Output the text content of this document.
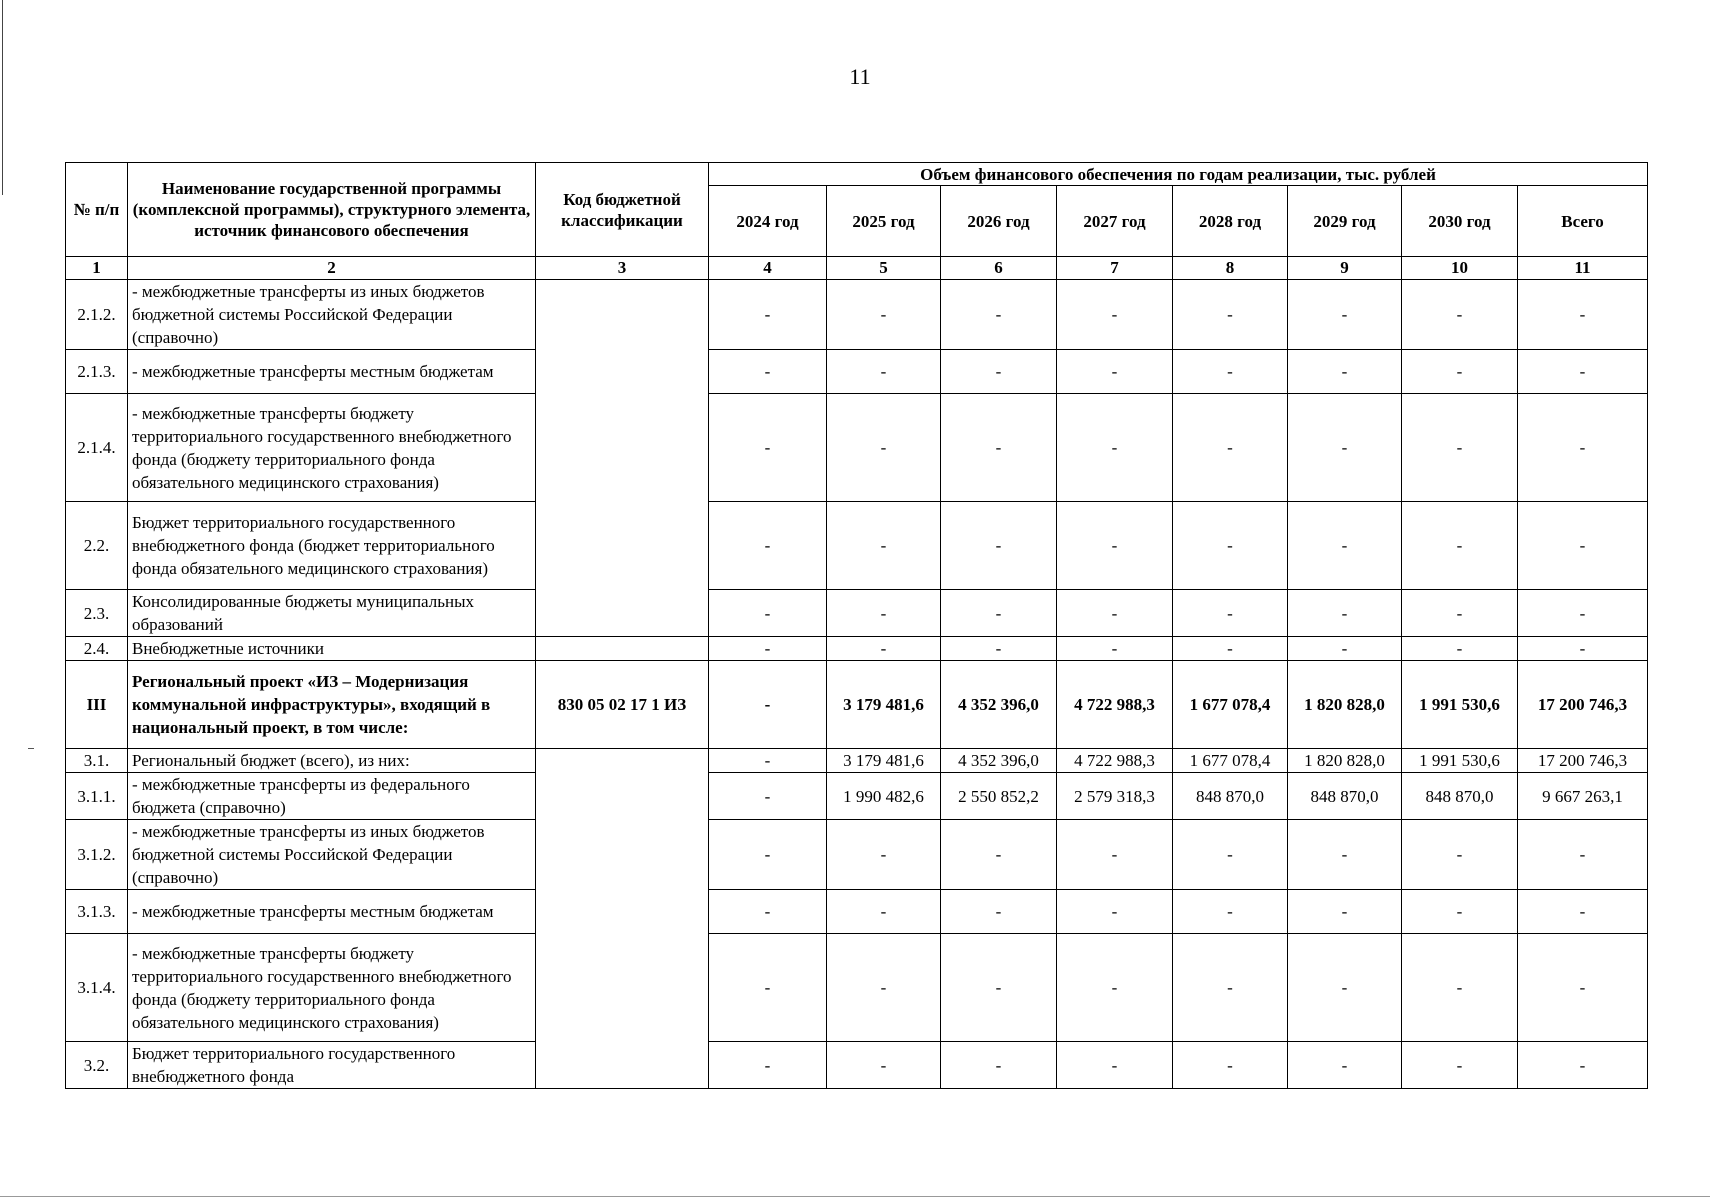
11
№ п/п	Наименование государственной программы (комплексной программы), структурного элемента, источник финансового обеспечения	Код бюджетной классификации	Объем финансового обеспечения по годам реализации, тыс. рублей							
			2024 год	2025 год	2026 год	2027 год	2028 год	2029 год	2030 год	Всего
1	2	3	4	5	6	7	8	9	10	11
2.1.2.	- межбюджетные трансферты из иных бюджетов бюджетной системы Российской Федерации (справочно)		-	-	-	-	-	-	-	-
2.1.3.	- межбюджетные трансферты местным бюджетам		-	-	-	-	-	-	-	-
2.1.4.	- межбюджетные трансферты бюджету территориального государственного внебюджетного фонда (бюджету территориального фонда обязательного медицинского страхования)		-	-	-	-	-	-	-	-
2.2.	Бюджет территориального государственного внебюджетного фонда (бюджет территориального фонда обязательного медицинского страхования)		-	-	-	-	-	-	-	-
2.3.	Консолидированные бюджеты муниципальных образований		-	-	-	-	-	-	-	-
2.4.	Внебюджетные источники		-	-	-	-	-	-	-	-
III	Региональный проект «ИЗ – Модернизация коммунальной инфраструктуры», входящий в национальный проект, в том числе:	830 05 02 17 1 ИЗ	-	3 179 481,6	4 352 396,0	4 722 988,3	1 677 078,4	1 820 828,0	1 991 530,6	17 200 746,3
3.1.	Региональный бюджет (всего), из них:		-	3 179 481,6	4 352 396,0	4 722 988,3	1 677 078,4	1 820 828,0	1 991 530,6	17 200 746,3
3.1.1.	- межбюджетные трансферты из федерального бюджета (справочно)		-	1 990 482,6	2 550 852,2	2 579 318,3	848 870,0	848 870,0	848 870,0	9 667 263,1
3.1.2.	- межбюджетные трансферты из иных бюджетов бюджетной системы Российской Федерации (справочно)		-	-	-	-	-	-	-	-
3.1.3.	- межбюджетные трансферты местным бюджетам		-	-	-	-	-	-	-	-
3.1.4.	- межбюджетные трансферты бюджету территориального государственного внебюджетного фонда (бюджету территориального фонда обязательного медицинского страхования)		-	-	-	-	-	-	-	-
3.2.	Бюджет территориального государственного внебюджетного фонда		-	-	-	-	-	-	-	-
